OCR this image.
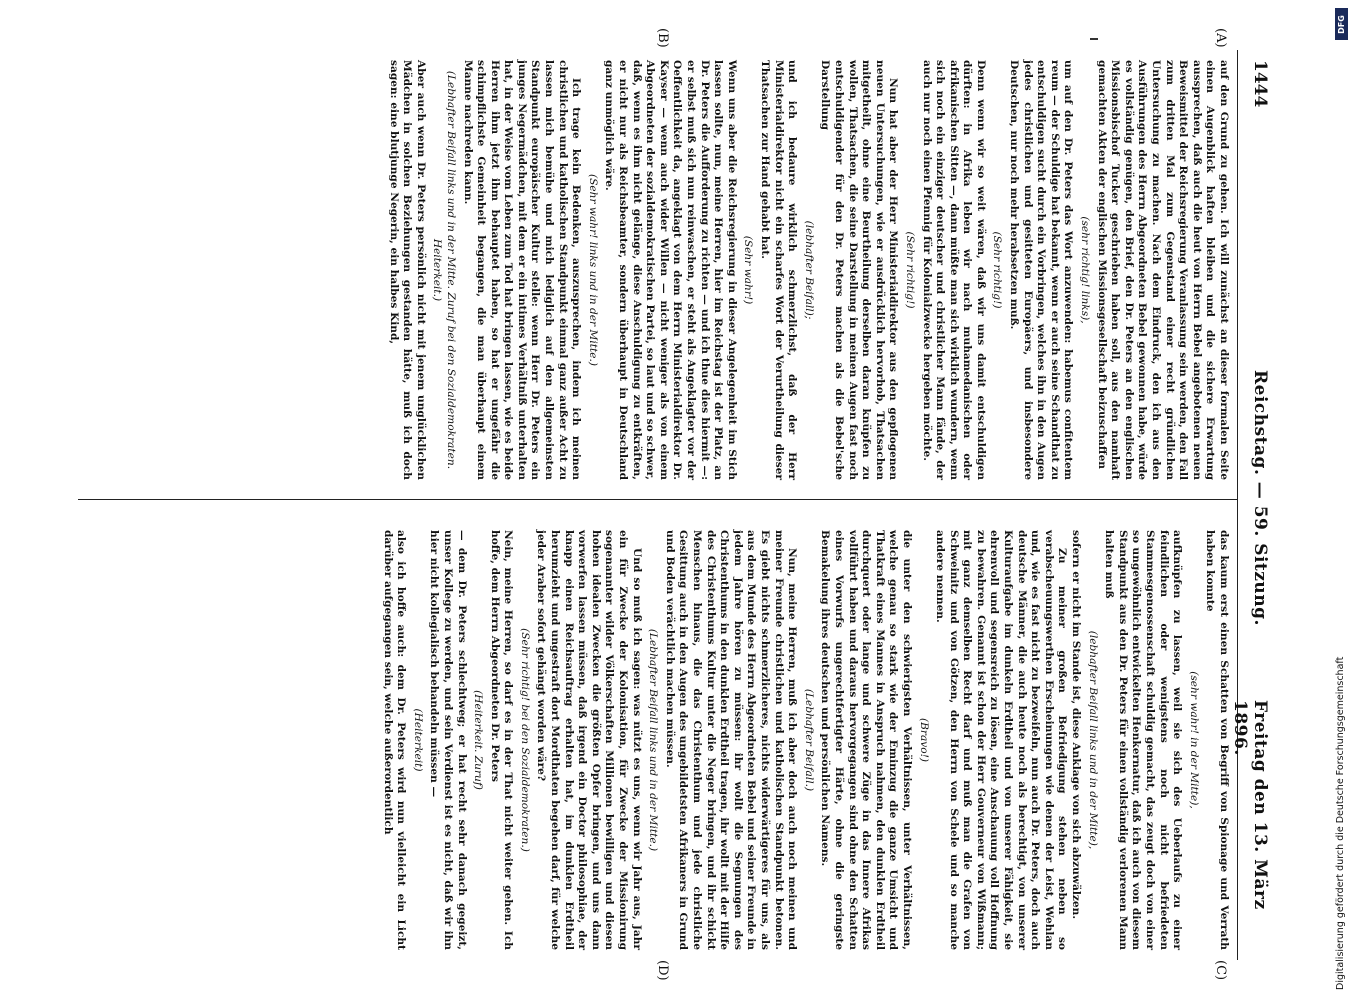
1444
Reichstag. — 59. Sitzung.
Freitag den 13. März 1896.
(A)
(B)
(C)
(D)

auf den Grund zu gehen. Ich will zunächst an dieser formalen Seite einen Augenblick haften bleiben und die sichere Erwartung aussprechen, daß auch die heut von Herrn Bebel angebotenen neuen Beweismittel der Reichsregierung Veranlassung sein werden, den Fall zum dritten Mal zum Gegenstand einer recht gründlichen Untersuchung zu machen. Nach dem Eindruck, den ich aus den Ausführungen des Herrn Abgeordneten Bebel gewonnen habe, würde es vollständig genügen, den Brief, den Dr. Peters an den englischen Missionsbischof Tucker geschrieben haben soll, aus den namhaft gemachten Akten der englischen Missionsgesellschaft beizuschaffen

(sehr richtig! links),

um auf den Dr. Peters das Wort anzuwenden: habemus confitentem reum — der Schuldige hat bekannt, wenn er auch seine Schandthat zu entschuldigen sucht durch ein Vorbringen, welches ihn in den Augen jedes christlichen und gesitteten Europäers, und insbesondere Deutschen, nur noch mehr herabsetzen muß.

(Sehr richtig!)

Denn wenn wir so weit wären, daß wir uns damit entschuldigen dürften: in Afrika leben wir nach muhamedanischen oder afrikanischen Sitten —, dann müßte man sich wirklich wundern, wenn sich noch ein einziger deutscher und christlicher Mann fände, der auch nur noch einen Pfennig für Kolonialzwecke hergeben möchte.

(Sehr richtig!)

Nun hat aber der Herr Ministerialdirektor aus den gepflogenen neuen Untersuchungen, wie er ausdrücklich hervorhob, Thatsachen mitgetheilt, ohne eine Beurtheilung derselben daran knüpfen zu wollen, Thatsachen, die seine Darstellung in meinen Augen fast noch entschuldigender für den Dr. Peters machen als die Bebel'sche Darstellung

(lebhafter Beifall);

und ich bedaure wirklich schmerzlichst, daß der Herr Ministerialdirektor nicht ein scharfes Wort der Verurtheilung dieser Thatsachen zur Hand gehabt hat.

(Sehr wahr!)

Wenn uns aber die Reichsregierung in dieser Angelegenheit im Stich lassen sollte, nun, meine Herren, hier im Reichstag ist der Platz, an Dr. Peters die Aufforderung zu richten — und ich thue dies hiermit —: er selbst muß sich nun reinwaschen, er steht als Angeklagter vor der Oeffentlichkeit da, angeklagt von dem Herrn Ministerialdirektor Dr. Kayser — wenn auch wider Willen — nicht weniger als von einem Abgeordneten der sozialdemokratischen Partei, so laut und so schwer, daß, wenn es ihm nicht gelänge, diese Anschuldigung zu entkräften, er nicht nur als Reichsbeamter, sondern überhaupt in Deutschland ganz unmöglich wäre.

(Sehr wahr! links und in der Mitte.)

Ich trage kein Bedenken, auszusprechen, indem ich meinen christlichen und katholischen Standpunkt einmal ganz außer Acht zu lassen mich bemühe und mich lediglich auf den allgemeinsten Standpunkt europäischer Kultur stelle: wenn Herr Dr. Peters ein junges Negermädchen, mit dem er ein intimes Verhältniß unterhalten hat, in der Weise vom Leben zum Tod hat bringen lassen, wie es beide Herren ihm jetzt ihm behauptet haben, so hat er ungefähr die schimpflichste Gemeinheit begangen, die man überhaupt einem Manne nachreden kann.

(Lebhafter Beifall links und in der Mitte. Zuruf bei den Sozialdemokraten. Heiterkeit.)

Aber auch wenn Dr. Peters persönlich nicht mit jenem unglücklichen Mädchen in solchen Beziehungen gestanden hätte, muß ich doch sagen: eine blutjunge Negerin, ein halbes Kind,

das kaum erst einen Schatten von Begriff von Spionage und Verrath haben konnte

(sehr wahr! in der Mitte),

aufknüpfen zu lassen, weil sie sich des Ueberlaufs zu einer feindlichen oder wenigstens noch nicht befriedeten Stammesgenossenschaft schuldig gemacht, das zeugt doch von einer so ungewöhnlich entwickelten Henkernatur, daß ich auch von diesem Standpunkt aus den Dr. Peters für einen vollständig verlorenen Mann halten muß

(lebhafter Beifall links und in der Mitte),

sofern er nicht im Stande ist, diese Anklage von sich abzuwälzen.

Zu meiner großen Befriedigung stehen neben so verabscheuungswerthen Erscheinungen wie denen der Leist, Wehlan und, wie es fast nicht zu bezweifeln, nun auch Dr. Peters, doch auch deutsche Männer, die auch heute noch als berechtigt, von unserer Kulturaufgabe im dunkeln Erdtheil und von unserer Fähigkeit, sie ehrenvoll und segensreich zu lösen, eine Anschauung voll Hoffnung zu bewahren. Genannt ist schon der Herr Gouverneur von Wißmann; mit ganz demselben Recht darf und muß man die Grafen von Schweinitz und von Götzen, den Herrn von Schele und so manche andere nennen.

(Bravo!)

die unter den schwierigsten Verhältnissen, unter Verhältnissen, welche genau so stark wie der Eminzug die ganze Umsicht und Thatkraft eines Mannes in Anspruch nahmen, den dunklen Erdtheil durchquert oder lange und schwere Züge in das Innere Afrikas vollführt haben und daraus hervorgegangen sind ohne den Schatten eines Vorwurfs ungerechtfertigter Härte, ohne die geringste Bemakelung ihres deutschen und persönlichen Namens.

(Lebhafter Beifall.)

Nun, meine Herren, muß ich aber doch auch noch meinen und meiner Freunde christlichen und katholischen Standpunkt betonen. Es giebt nichts schmerzlicheres, nichts widerwärtigeres für uns, als aus dem Munde des Herrn Abgeordneten Bebel und seiner Freunde in jedem Jahre hören zu müssen: ihr wollt die Segnungen des Christenthums in den dunklen Erdtheil tragen, ihr wollt mit der Hilfe des Christenthums Kultur unter die Neger bringen, und ihr schickt Menschen hinaus, die das Christenthum und jede christliche Gesittung auch in den Augen des ungebildetsten Afrikaners in Grund und Boden verächtlich machen müssen.

(Lebhafter Beifall links und in der Mitte.)

Und so muß ich sagen: was nützt es uns, wenn wir Jahr aus, Jahr ein für Zwecke der Kolonisation, für Zwecke der Missionirung sogenannter wilder Völkerschaften Millionen bewilligen und diesen hohen idealen Zwecken die größten Opfer bringen, und uns dann vorwerfen lassen müssen, daß irgend ein Doctor philosophiae, der knapp einen Reichsauftrag erhalten hat, im dunklen Erdtheil herumzieht und ungestraft dort Mordthaten begehen darf, für welche jeder Araber sofort gehängt worden wäre?

(Sehr richtig! bei den Sozialdemokraten.)

Nein, meine Herren, so darf es in der That nicht weiter gehen. Ich hoffe, dem Herrn Abgeordneten Dr. Peters

(Heiterkeit. Zuruf)

— dem Dr. Peters schlechtweg; er hat recht sehr danach gegeizt, unser Kollege zu werden, und sein Verdienst ist es nicht, daß wir ihn hier nicht kollegialisch behandeln müssen —

(Heiterkeit)

also ich hoffe auch: dem Dr. Peters wird nun vielleicht ein Licht darüber aufgegangen sein, welche außerordentlich

DFG
Digitalisierung gefördert durch die Deutsche Forschungsgemeinschaft
